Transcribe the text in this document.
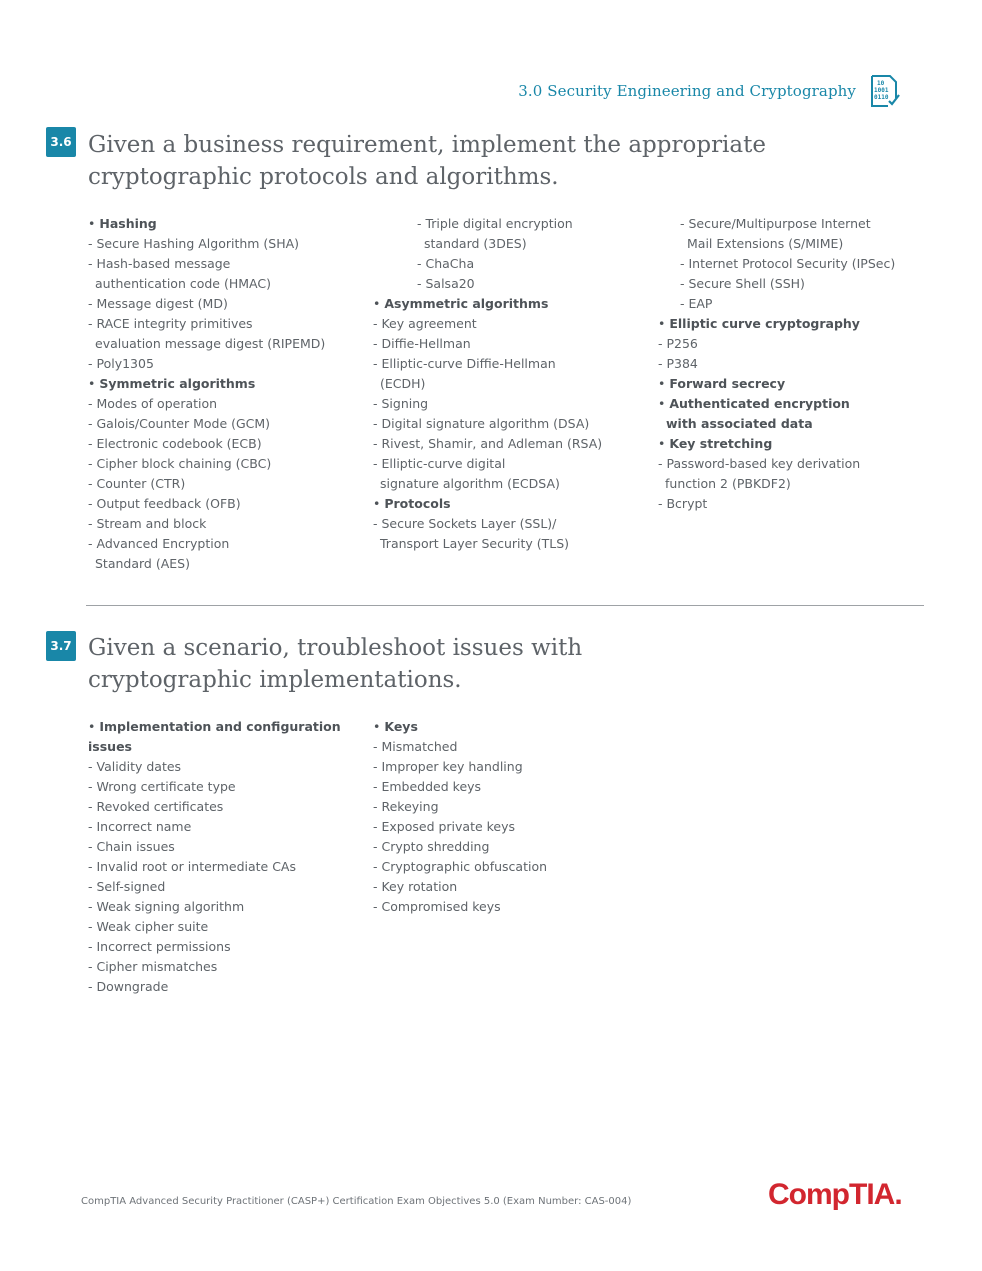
3.0 Security Engineering and Cryptography	10
1001
0110
3.6 Given a business requirement, implement the appropriate
cryptographic protocols and algorithms.
• Hashing
- Secure Hashing Algorithm (SHA)
- Hash-based message
authentication code (HMAC)
- Message digest (MD)
- RACE integrity primitives
evaluation message digest (RIPEMD)
- Poly1305
• Symmetric algorithms
- Modes of operation
- Galois/Counter Mode (GCM)
- Electronic codebook (ECB)
- Cipher block chaining (CBC)
- Counter (CTR)
- Output feedback (OFB)
- Stream and block
- Advanced Encryption
Standard (AES)
- Triple digital encryption
standard (3DES)
- ChaCha
- Salsa20
• Asymmetric algorithms
- Key agreement
- Diffie-Hellman
- Elliptic-curve Diffie-Hellman
(ECDH)
- Signing
- Digital signature algorithm (DSA)
- Rivest, Shamir, and Adleman (RSA)
- Elliptic-curve digital
signature algorithm (ECDSA)
• Protocols
- Secure Sockets Layer (SSL)/
Transport Layer Security (TLS)
- Secure/Multipurpose Internet
Mail Extensions (S/MIME)
- Internet Protocol Security (IPSec)
- Secure Shell (SSH)
- EAP
• Elliptic curve cryptography
- P256
- P384
• Forward secrecy
• Authenticated encryption
with associated data
• Key stretching
- Password-based key derivation
function 2 (PBKDF2)
- Bcrypt
3.7 Given a scenario, troubleshoot issues with
cryptographic implementations.
• Implementation and configuration issues
- Validity dates
- Wrong certificate type
- Revoked certificates
- Incorrect name
- Chain issues
- Invalid root or intermediate CAs
- Self-signed
- Weak signing algorithm
- Weak cipher suite
- Incorrect permissions
- Cipher mismatches
- Downgrade
• Keys
- Mismatched
- Improper key handling
- Embedded keys
- Rekeying
- Exposed private keys
- Crypto shredding
- Cryptographic obfuscation
- Key rotation
- Compromised keys
CompTIA Advanced Security Practitioner (CASP+) Certification Exam Objectives 5.0 (Exam Number: CAS-004)	CompTIA.
